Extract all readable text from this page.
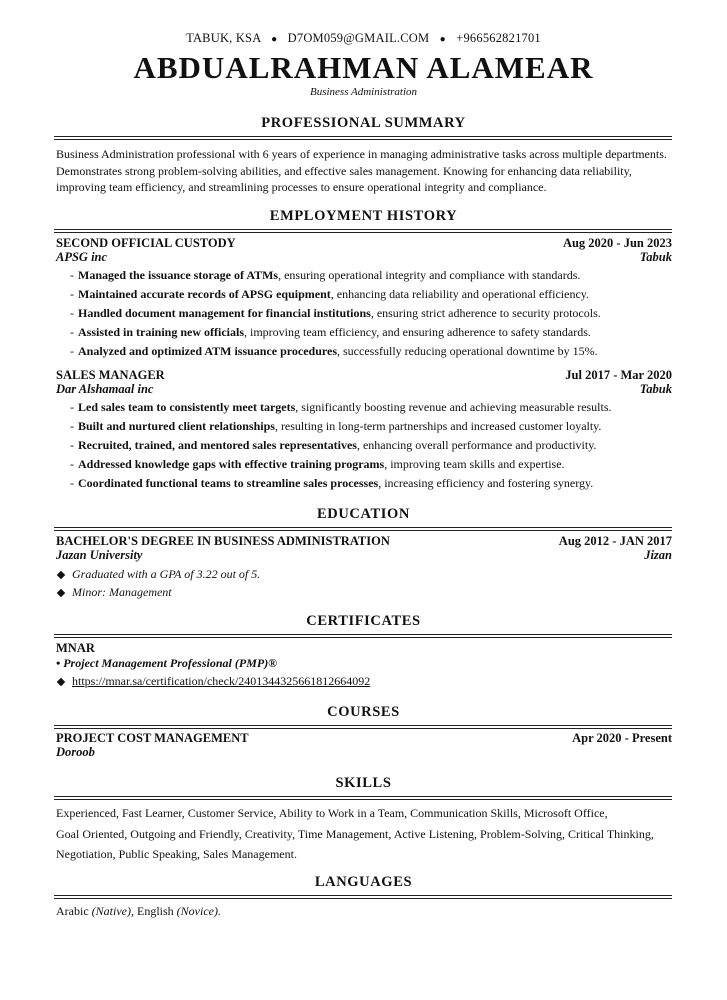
TABUK, KSA ● D7OM059@GMAIL.COM ● +966562821701
ABDUALRAHMAN ALAMEAR
Business Administration
PROFESSIONAL SUMMARY
Business Administration professional with 6 years of experience in managing administrative tasks across multiple departments.
Demonstrates strong problem-solving abilities, and effective sales management. Knowing for enhancing data reliability,
improving team efficiency, and streamlining processes to ensure operational integrity and compliance.
EMPLOYMENT HISTORY
SECOND OFFICIAL CUSTODY	Aug 2020 - Jun 2023
APSG inc	Tabuk
- Managed the issuance storage of ATMs, ensuring operational integrity and compliance with standards.
- Maintained accurate records of APSG equipment, enhancing data reliability and operational efficiency.
- Handled document management for financial institutions, ensuring strict adherence to security protocols.
- Assisted in training new officials, improving team efficiency, and ensuring adherence to safety standards.
- Analyzed and optimized ATM issuance procedures, successfully reducing operational downtime by 15%.
SALES MANAGER	Jul 2017 - Mar 2020
Dar Alshamaal inc	Tabuk
- Led sales team to consistently meet targets, significantly boosting revenue and achieving measurable results.
- Built and nurtured client relationships, resulting in long-term partnerships and increased customer loyalty.
- Recruited, trained, and mentored sales representatives, enhancing overall performance and productivity.
- Addressed knowledge gaps with effective training programs, improving team skills and expertise.
- Coordinated functional teams to streamline sales processes, increasing efficiency and fostering synergy.
EDUCATION
BACHELOR'S DEGREE IN BUSINESS ADMINISTRATION	Aug 2012 - JAN 2017
Jazan University	Jizan
Graduated with a GPA of 3.22 out of 5.
Minor: Management
CERTIFICATES
MNAR
• Project Management Professional (PMP)®
https://mnar.sa/certification/check/2401344325661812664092
COURSES
PROJECT COST MANAGEMENT	Apr 2020 - Present
Doroob
SKILLS
Experienced, Fast Learner, Customer Service, Ability to Work in a Team, Communication Skills, Microsoft Office,
Goal Oriented, Outgoing and Friendly, Creativity, Time Management, Active Listening, Problem-Solving, Critical Thinking,
Negotiation, Public Speaking, Sales Management.
LANGUAGES
Arabic (Native), English (Novice).
